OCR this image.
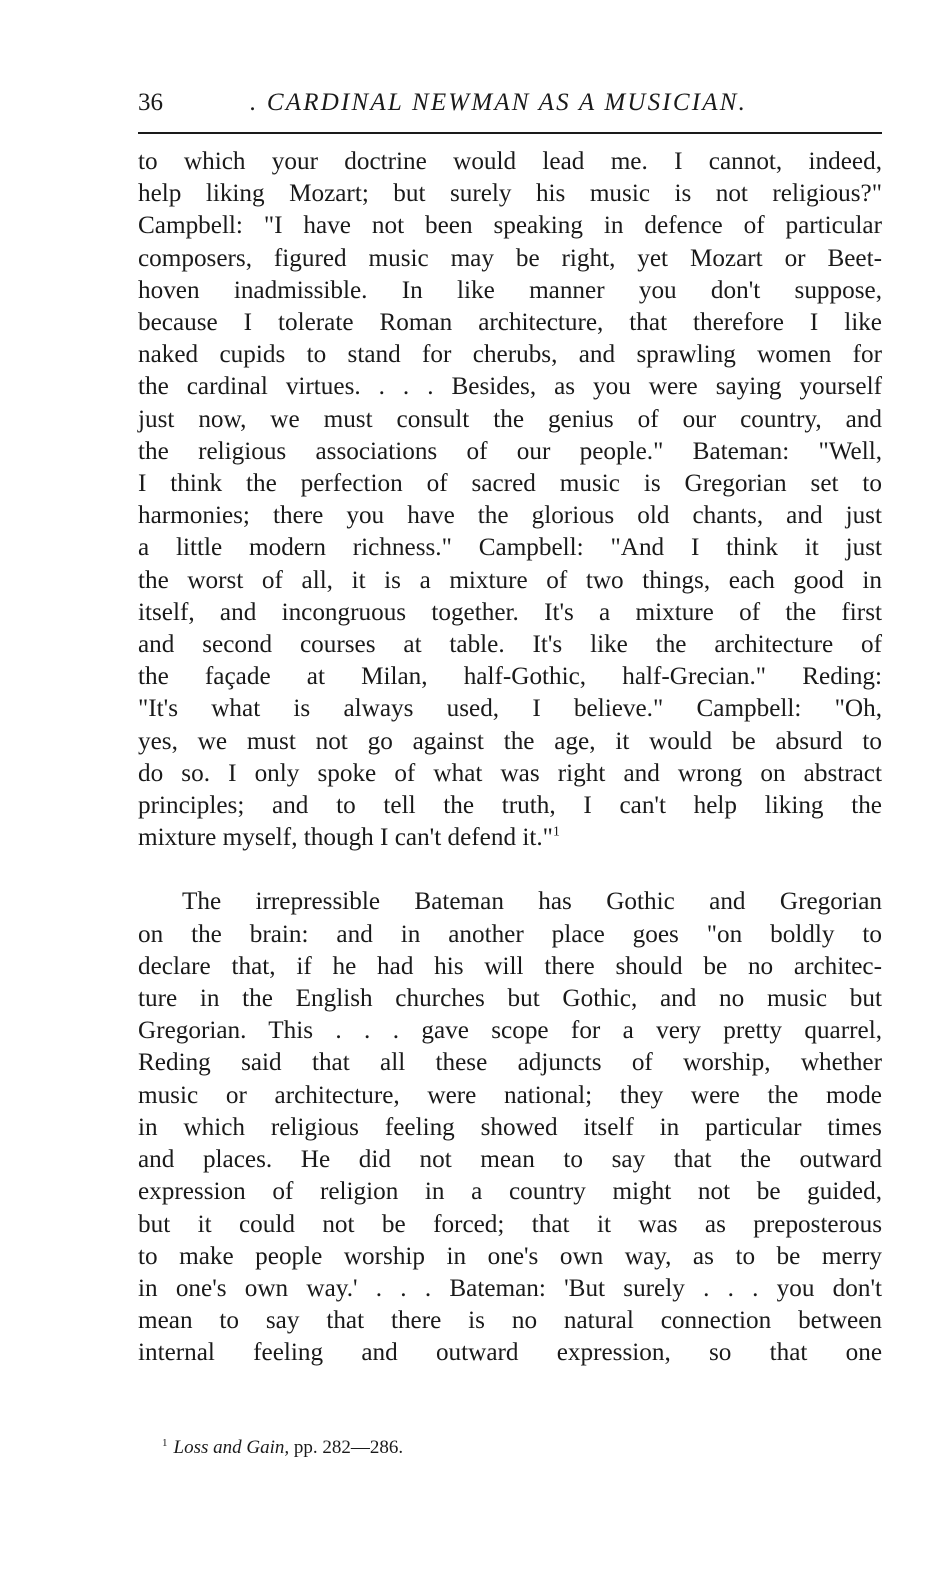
36	. CARDINAL NEWMAN AS A MUSICIAN.

to which your doctrine would lead me. I cannot, indeed,
help liking Mozart; but surely his music is not religious?"
Campbell: "I have not been speaking in defence of particular
composers, figured music may be right, yet Mozart or Beet-
hoven inadmissible. In like manner you don't suppose,
because I tolerate Roman architecture, that therefore I like
naked cupids to stand for cherubs, and sprawling women for
the cardinal virtues. . . . Besides, as you were saying yourself
just now, we must consult the genius of our country, and
the religious associations of our people." Bateman: "Well,
I think the perfection of sacred music is Gregorian set to
harmonies; there you have the glorious old chants, and just
a little modern richness." Campbell: "And I think it just
the worst of all, it is a mixture of two things, each good in
itself, and incongruous together. It's a mixture of the first
and second courses at table. It's like the architecture of
the façade at Milan, half-Gothic, half-Grecian." Reding:
"It's what is always used, I believe." Campbell: "Oh,
yes, we must not go against the age, it would be absurd to
do so. I only spoke of what was right and wrong on abstract
principles; and to tell the truth, I can't help liking the
mixture myself, though I can't defend it."$^1$

The irrepressible Bateman has Gothic and Gregorian
on the brain: and in another place goes "on boldly to
declare that, if he had his will there should be no architec-
ture in the English churches but Gothic, and no music but
Gregorian. This . . . gave scope for a very pretty quarrel,
Reding said that all these adjuncts of worship, whether
music or architecture, were national; they were the mode
in which religious feeling showed itself in particular times
and places. He did not mean to say that the outward
expression of religion in a country might not be guided,
but it could not be forced; that it was as preposterous
to make people worship in one's own way, as to be merry
in one's own way.' . . . Bateman: 'But surely . . . you don't
mean to say that there is no natural connection between
internal feeling and outward expression, so that one

$^1$ Loss and Gain, pp. 282—286.
